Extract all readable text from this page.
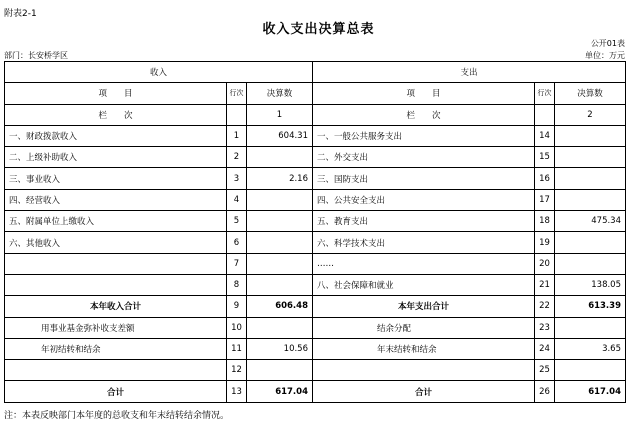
附表2-1
收入支出决算总表
公开01表
部门：长安桥学区	单位：万元
收入			支出		
项　　目	行次	决算数	项　　目	行次	决算数
栏　　次		1	栏　　次		2
一、财政拨款收入	1	604.31	一、一般公共服务支出	14	
二、上级补助收入	2		二、外交支出	15	
三、事业收入	3	2.16	三、国防支出	16	
四、经营收入	4		四、公共安全支出	17	
五、附属单位上缴收入	5		五、教育支出	18	475.34
六、其他收入	6		六、科学技术支出	19	
	7		……	20	
	8		八、社会保障和就业	21	138.05
本年收入合计	9	606.48	本年支出合计	22	613.39
用事业基金弥补收支差额	10		结余分配	23	
年初结转和结余	11	10.56	年末结转和结余	24	3.65
	12			25	
合计	13	617.04	合计	26	617.04
注：本表反映部门本年度的总收支和年末结转结余情况。
